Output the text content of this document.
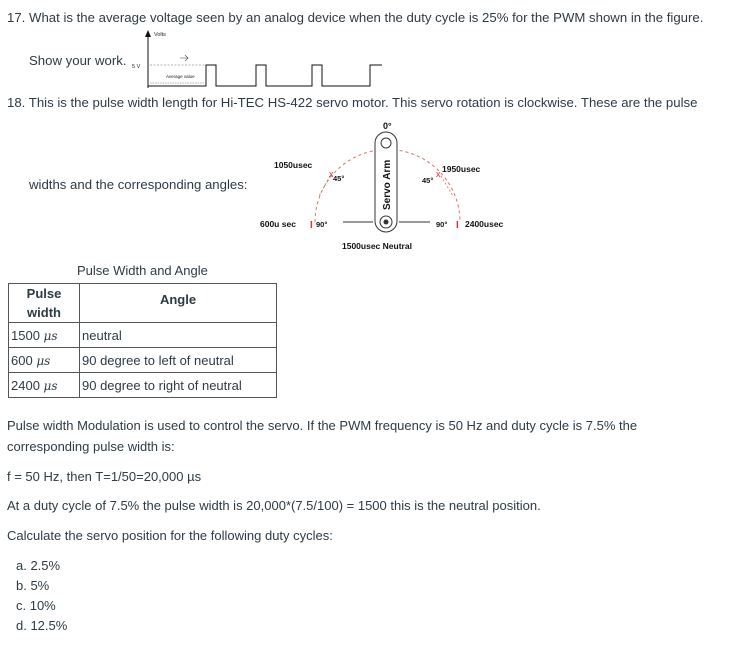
17. What is the average voltage seen by an analog device when the duty cycle is 25% for the PWM shown in the figure.
Show your work.
Volts
5 V
Average value
18. This is the pulse width length for Hi-TEC HS-422 servo motor. This servo rotation is clockwise. These are the pulse
widths and the corresponding angles:
0°
Servo Arm
I	I
x	x
1050usec	1950usec
45°	45°
600u sec	90°	90° 2400usec
1500usec Neutral
Pulse Width and Angle
Pulse
width	Angle
1500 μs	neutral
600 μs	90 degree to left of neutral
2400 μs	90 degree to right of neutral
Pulse width Modulation is used to control the servo. If the PWM frequency is 50 Hz and duty cycle is 7.5% the
corresponding pulse width is:
f = 50 Hz, then T=1/50=20,000 µs
At a duty cycle of 7.5% the pulse width is 20,000*(7.5/100) = 1500 this is the neutral position.
Calculate the servo position for the following duty cycles:
a. 2.5%
b. 5%
c. 10%
d. 12.5%
